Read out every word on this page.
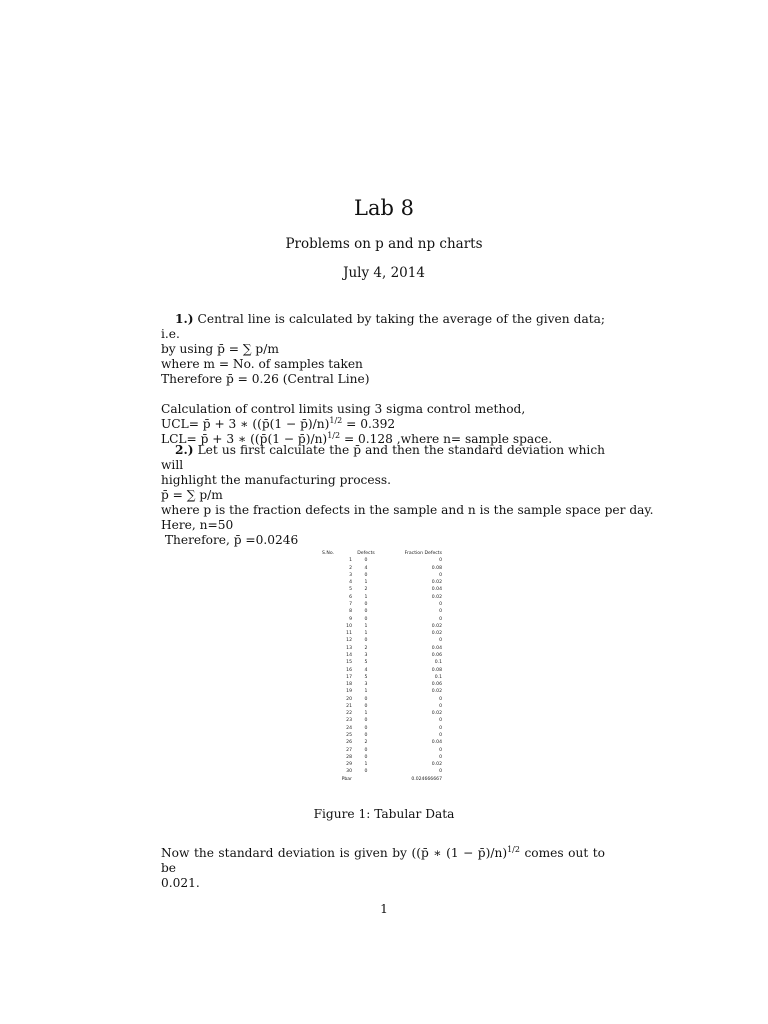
Lab 8
Problems on p and np charts
July 4, 2014
1.) Central line is calculated by taking the average of the given data; i.e.
by using p̄ = ∑ p/m
where m = No. of samples taken
Therefore p̄ = 0.26 (Central Line)
Calculation of control limits using 3 sigma control method,
UCL= p̄ + 3 ∗ ((p̄(1 − p̄)/n)$^{1/2}$ = 0.392
LCL= p̄ + 3 ∗ ((p̄(1 − p̄)/n)$^{1/2}$ = 0.128 ,where n= sample space.
2.) Let us first calculate the p̄ and then the standard deviation which will
highlight the manufacturing process.
p̄ = ∑ p/m
where p is the fraction defects in the sample and n is the sample space per day.
Here, n=50
Therefore, p̄ =0.0246
S.No.	Defects	Fraction Defects
1	0	0
2	4	0.08
3	0	0
4	1	0.02
5	2	0.04
6	1	0.02
7	0	0
8	0	0
9	0	0
10	1	0.02
11	1	0.02
12	0	0
13	2	0.04
14	3	0.06
15	5	0.1
16	4	0.08
17	5	0.1
18	3	0.06
19	1	0.02
20	0	0
21	0	0
22	1	0.02
23	0	0
24	0	0
25	0	0
26	2	0.04
27	0	0
28	0	0
29	1	0.02
30	0	0
Pbar		0.024666667
Figure 1: Tabular Data
Now the standard deviation is given by ((p̄ ∗ (1 − p̄)/n)$^{1/2}$ comes out to be
0.021.
1
